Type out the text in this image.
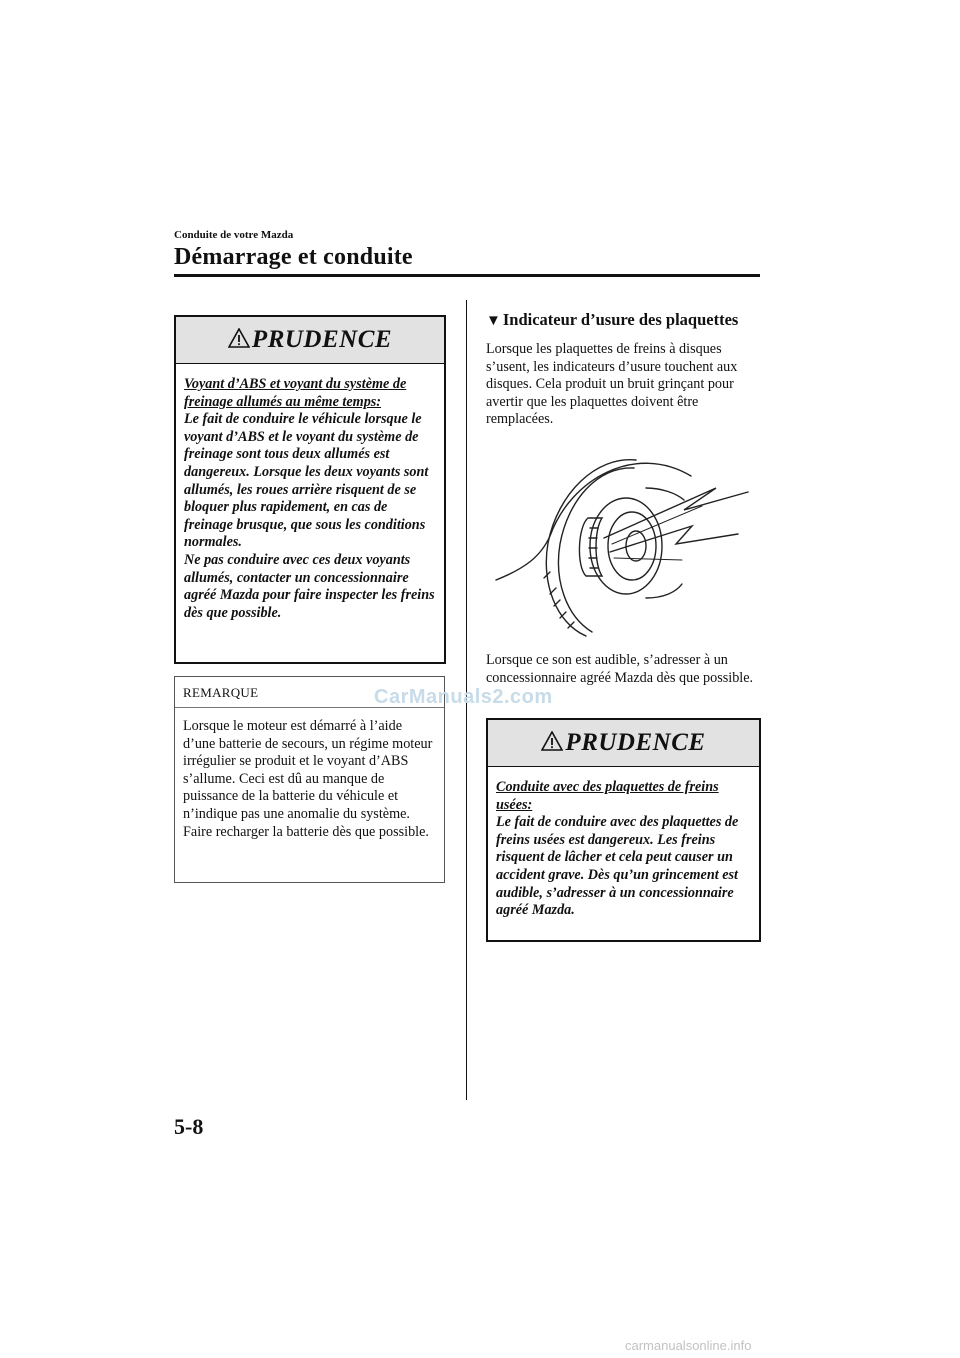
Conduite de votre Mazda
Démarrage et conduite
PRUDENCE
Voyant d’ABS et voyant du système de freinage allumés au même temps:
Le fait de conduire le véhicule lorsque le voyant d’ABS et le voyant du système de freinage sont tous deux allumés est dangereux. Lorsque les deux voyants sont allumés, les roues arrière risquent de se bloquer plus rapidement, en cas de freinage brusque, que sous les conditions normales.
Ne pas conduire avec ces deux voyants allumés, contacter un concessionnaire agréé Mazda pour faire inspecter les freins dès que possible.
REMARQUE
Lorsque le moteur est démarré à l’aide d’une batterie de secours, un régime moteur irrégulier se produit et le voyant d’ABS s’allume. Ceci est dû au manque de puissance de la batterie du véhicule et n’indique pas une anomalie du système.
Faire recharger la batterie dès que possible.
▼ Indicateur d’usure des plaquettes
Lorsque les plaquettes de freins à disques s’usent, les indicateurs d’usure touchent aux disques. Cela produit un bruit grinçant pour avertir que les plaquettes doivent être remplacées.
Lorsque ce son est audible, s’adresser à un concessionnaire agréé Mazda dès que possible.
CarManuals2.com
PRUDENCE
Conduite avec des plaquettes de freins usées:
Le fait de conduire avec des plaquettes de freins usées est dangereux. Les freins risquent de lâcher et cela peut causer un accident grave. Dès qu’un grincement est audible, s’adresser à un concessionnaire agréé Mazda.
5-8
carmanualsonline.info
